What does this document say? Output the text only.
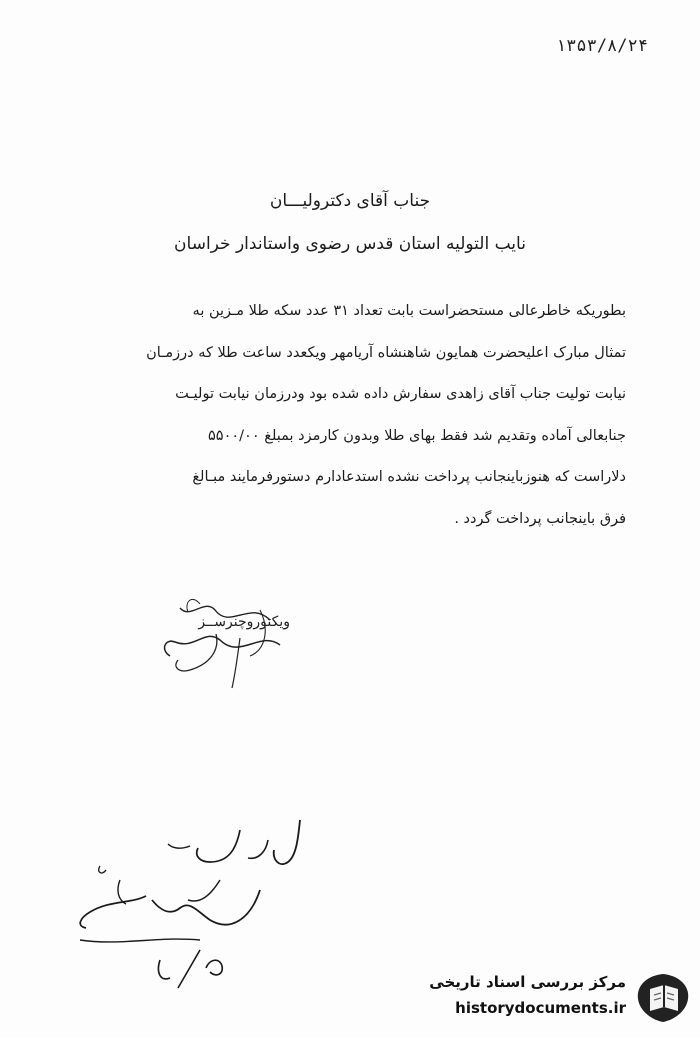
۱۳۵۳/۸/۲۴
جناب آقای دکترولیـــان
نایب التولیه استان قدس رضوی واستاندار خراسان
بطوریکه خاطرعالی مستحضراست بابت تعداد ۳۱ عدد سکه طلا مـزین به
تمثال مبارک اعلیحضرت همایون شاهنشاه آریامهر ویکعدد ساعت طلا که درزمـان
نیابت تولیت جناب آقای زاهدی سفارش داده شده بود ودرزمان نیابت تولیـت
جنابعالی آماده وتقدیم شد فقط بهای طلا وبدون کارمزد بمبلغ ۵۵۰۰/۰۰
دلاراست که هنوزباینجانب پرداخت نشده استدعادارم دستورفرمایند مبـالغ
فرق باینجانب پرداخت گردد .
ویکتوروچنرســز
مرکز بررسی اسناد تاریخی
historydocuments.ir
